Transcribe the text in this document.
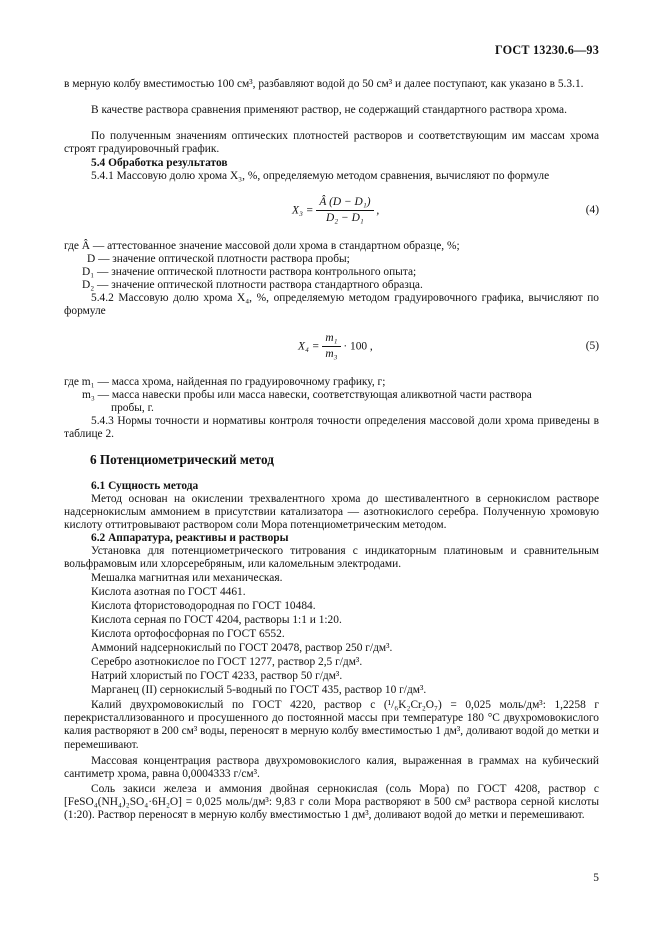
ГОСТ 13230.6—93
в мерную колбу вместимостью 100 см³, разбавляют водой до 50 см³ и далее поступают, как указано в 5.3.1.
В качестве раствора сравнения применяют раствор, не содержащий стандартного раствора хрома.
По полученным значениям оптических плотностей растворов и соответствующим им массам хрома строят градуировочный график.
5.4 Обработка результатов
5.4.1 Массовую долю хрома X₃, %, определяемую методом сравнения, вычисляют по формуле
$X_3 = \frac{\text{Â (D − D₁)}}{\text{D₂ − D₁}}$ ,	(4)
где Â — аттестованное значение массовой доли хрома в стандартном образце, %;
D — значение оптической плотности раствора пробы;
D₁ — значение оптической плотности раствора контрольного опыта;
D₂ — значение оптической плотности раствора стандартного образца.
5.4.2 Массовую долю хрома X₄, %, определяемую методом градуировочного графика, вычисляют по формуле
$X_4 = \frac{\text{m₁}}{\text{m₃}} \cdot 100$ ,	(5)
где m₁ — масса хрома, найденная по градуировочному графику, г;
m₃ — масса навески пробы или масса навески, соответствующая аликвотной части раствора
пробы, г.
5.4.3 Нормы точности и нормативы контроля точности определения массовой доли хрома приведены в таблице 2.
6 Потенциометрический метод
6.1 Сущность метода
Метод основан на окислении трехвалентного хрома до шестивалентного в сернокислом растворе надсернокислым аммонием в присутствии катализатора — азотнокислого серебра. Полученную хромовую кислоту оттитровывают раствором соли Мора потенциометрическим методом.
6.2 Аппаратура, реактивы и растворы
Установка для потенциометрического титрования с индикаторным платиновым и сравнительным вольфрамовым или хлорсеребряным, или каломельным электродами.
Мешалка магнитная или механическая.
Кислота азотная по ГОСТ 4461.
Кислота фтористоводородная по ГОСТ 10484.
Кислота серная по ГОСТ 4204, растворы 1:1 и 1:20.
Кислота ортофосфорная по ГОСТ 6552.
Аммоний надсернокислый по ГОСТ 20478, раствор 250 г/дм³.
Серебро азотнокислое по ГОСТ 1277, раствор 2,5 г/дм³.
Натрий хлористый по ГОСТ 4233, раствор 50 г/дм³.
Марганец (II) сернокислый 5-водный по ГОСТ 435, раствор 10 г/дм³.
Калий двухромовокислый по ГОСТ 4220, раствор c (¹/₆K₂Cr₂O₇) = 0,025 моль/дм³: 1,2258 г перекристаллизованного и просушенного до постоянной массы при температуре 180 °С двухромовокислого калия растворяют в 200 см³ воды, переносят в мерную колбу вместимостью 1 дм³, доливают водой до метки и перемешивают.
Массовая концентрация раствора двухромовокислого калия, выраженная в граммах на кубический сантиметр хрома, равна 0,0004333 г/см³.
Соль закиси железа и аммония двойная сернокислая (соль Мора) по ГОСТ 4208, раствор c [FeSO₄(NH₄)₂SO₄·6H₂O] = 0,025 моль/дм³: 9,83 г соли Мора растворяют в 500 см³ раствора серной кислоты (1:20). Раствор переносят в мерную колбу вместимостью 1 дм³, доливают водой до метки и перемешивают.
5
